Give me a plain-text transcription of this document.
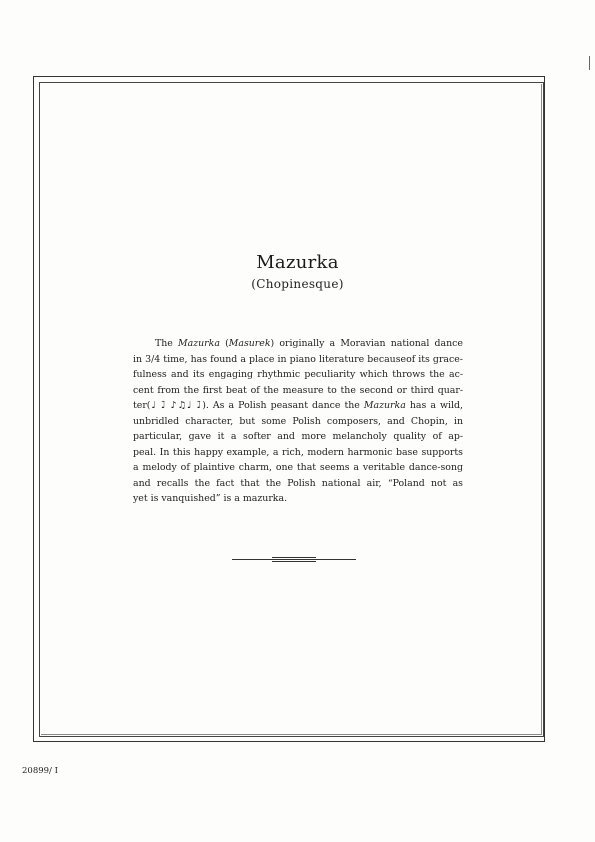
Mazurka
(Chopinesque)
The Mazurka (Masurek) originally a Moravian national dance
in 3/4 time, has found a place in piano literature becauseof its grace-
fulness and its engaging rhythmic peculiarity which throws the ac-
cent from the first beat of the measure to the second or third quar-
ter(♩ ♩̄ ♪♫♩ ♩̄). As a Polish peasant dance the Mazurka has a wild,
unbridled character, but some Polish composers, and Chopin, in
particular, gave it a softer and more melancholy quality of ap-
peal. In this happy example, a rich, modern harmonic base supports
a melody of plaintive charm, one that seems a veritable dance-song
and recalls the fact that the Polish national air, “Poland not as
yet is vanquished” is a mazurka.
20899/ I
